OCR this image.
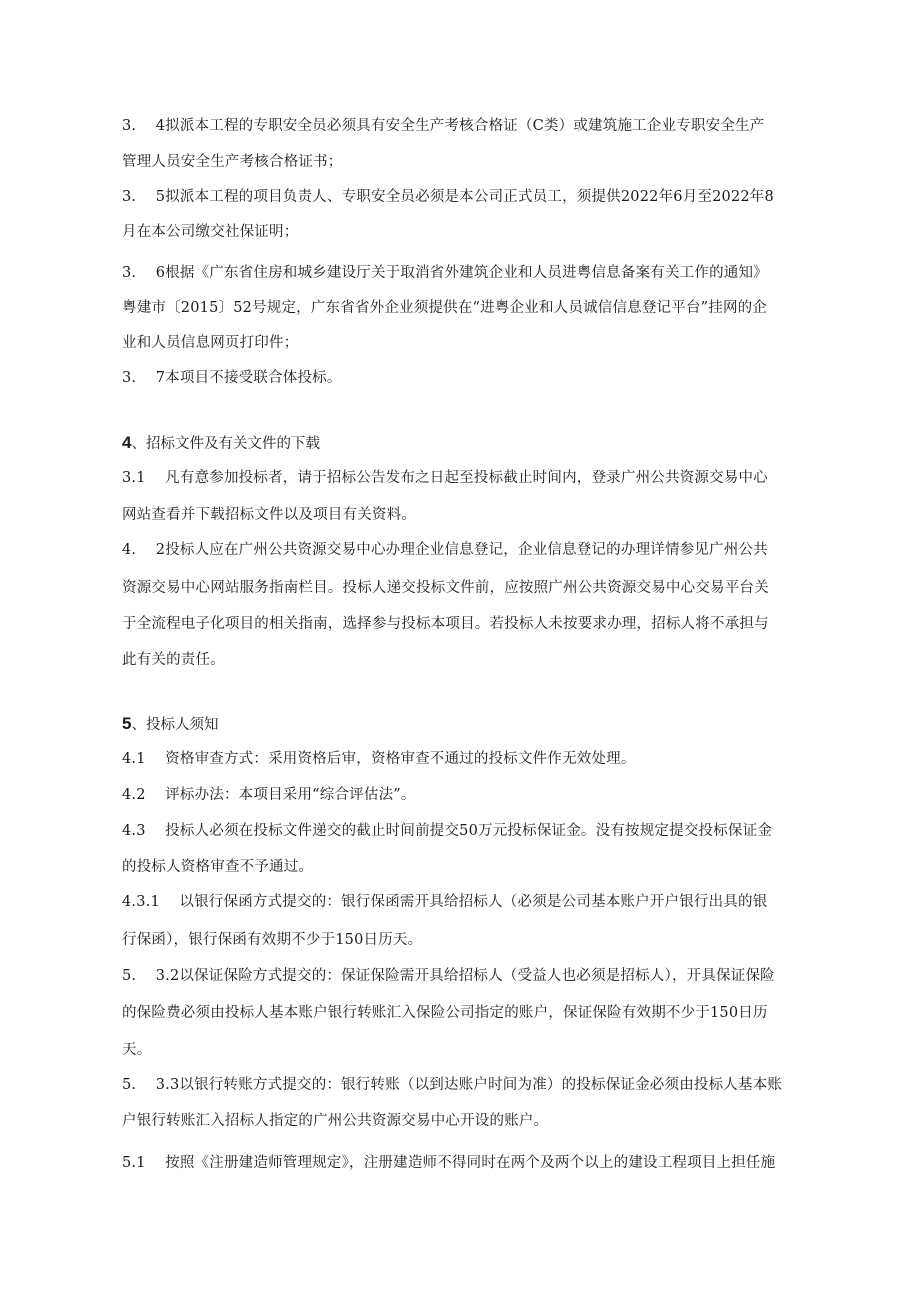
3.　 4拟派本工程的专职安全员必须具有安全生产考核合格证（C类）或建筑施工企业专职安全生产
管理人员安全生产考核合格证书；
3.　 5拟派本工程的项目负责人、专职安全员必须是本公司正式员工，须提供2022年6月至2022年8
月在本公司缴交社保证明；
3.　 6根据《广东省住房和城乡建设厅关于取消省外建筑企业和人员进粤信息备案有关工作的通知》
粤建市〔2015〕52号规定，广东省省外企业须提供在“进粤企业和人员诚信信息登记平台”挂网的企
业和人员信息网页打印件；
3.　 7本项目不接受联合体投标。
4、招标文件及有关文件的下载
3.1　 凡有意参加投标者，请于招标公告发布之日起至投标截止时间内，登录广州公共资源交易中心
网站查看并下载招标文件以及项目有关资料。
4.　 2投标人应在广州公共资源交易中心办理企业信息登记，企业信息登记的办理详情参见广州公共
资源交易中心网站服务指南栏目。投标人递交投标文件前，应按照广州公共资源交易中心交易平台关
于全流程电子化项目的相关指南，选择参与投标本项目。若投标人未按要求办理，招标人将不承担与
此有关的责任。
5、投标人须知
4.1　 资格审查方式：采用资格后审，资格审查不通过的投标文件作无效处理。
4.2　 评标办法：本项目采用“综合评估法”。
4.3　 投标人必须在投标文件递交的截止时间前提交50万元投标保证金。没有按规定提交投标保证金
的投标人资格审查不予通过。
4.3.1　 以银行保函方式提交的：银行保函需开具给招标人（必须是公司基本账户开户银行出具的银
行保函），银行保函有效期不少于150日历天。
5.　 3.2以保证保险方式提交的：保证保险需开具给招标人（受益人也必须是招标人），开具保证保险
的保险费必须由投标人基本账户银行转账汇入保险公司指定的账户，保证保险有效期不少于150日历
天。
5.　 3.3以银行转账方式提交的：银行转账（以到达账户时间为准）的投标保证金必须由投标人基本账
户银行转账汇入招标人指定的广州公共资源交易中心开设的账户。
5.1　 按照《注册建造师管理规定》，注册建造师不得同时在两个及两个以上的建设工程项目上担任施
